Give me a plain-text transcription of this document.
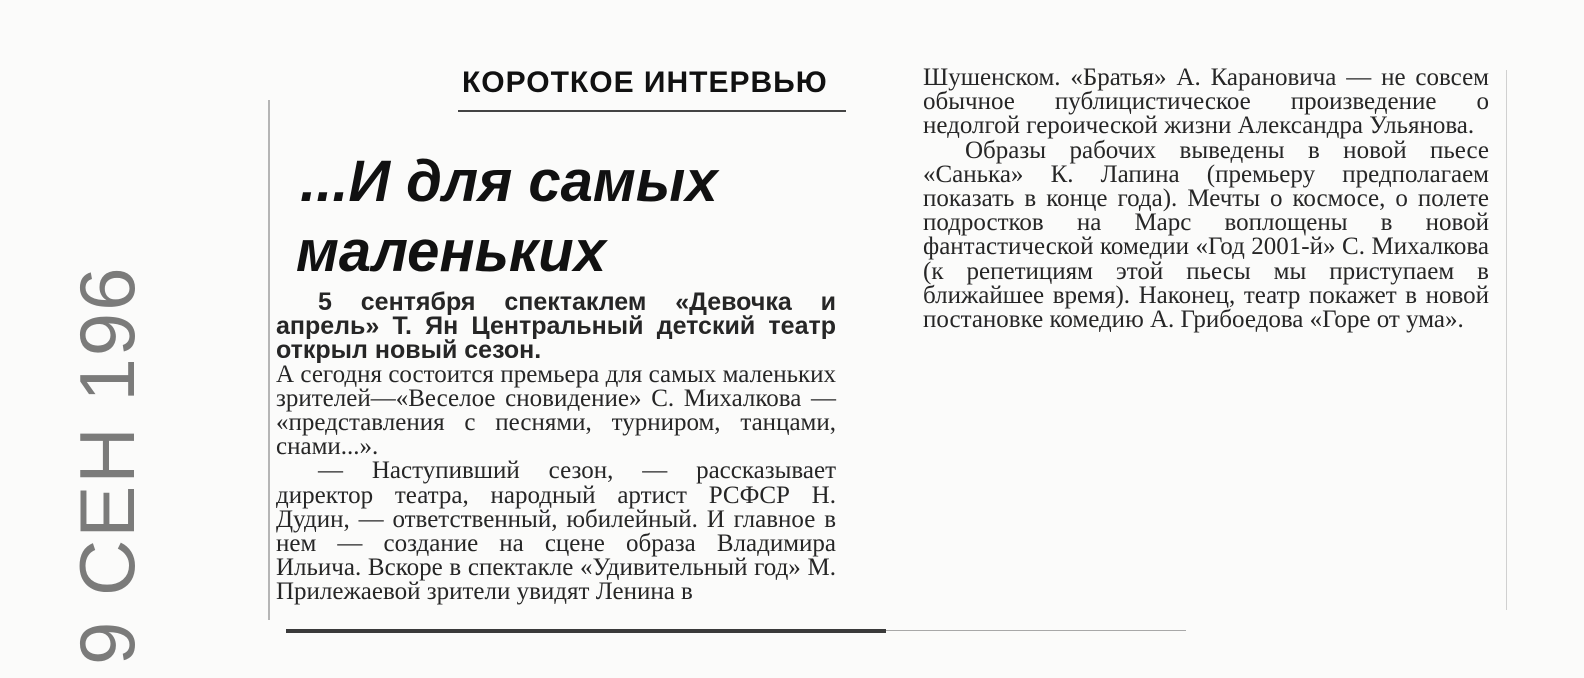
9 СЕН 196
КОРОТКОЕ ИНТЕРВЬЮ
...И для самых
маленьких

5 сентября спектаклем «Девочка и апрель» Т. Ян Центральный детский театр открыл новый сезон.

А сегодня состоится премьера для самых маленьких зрителей—«Веселое сновидение» С. Михалкова — «представления с песнями, турниром, танцами, снами...».

— Наступивший сезон, — рассказывает директор театра, народный артист РСФСР Н. Дудин, — ответственный, юбилейный. И главное в нем — создание на сцене образа Владимира Ильича. Вскоре в спектакле «Удивительный год» М. Прилежаевой зрители увидят Ленина в

Шушенском. «Братья» А. Карановича — не совсем обычное публицистическое произведение о недолгой героической жизни Александра Ульянова.

Образы рабочих выведены в новой пьесе «Санька» К. Лапина (премьеру предполагаем показать в конце года). Мечты о космосе, о полете подростков на Марс воплощены в новой фантастической комедии «Год 2001-й» С. Михалкова (к репетициям этой пьесы мы приступаем в ближайшее время). Наконец, театр покажет в новой постановке комедию А. Грибоедова «Горе от ума».
